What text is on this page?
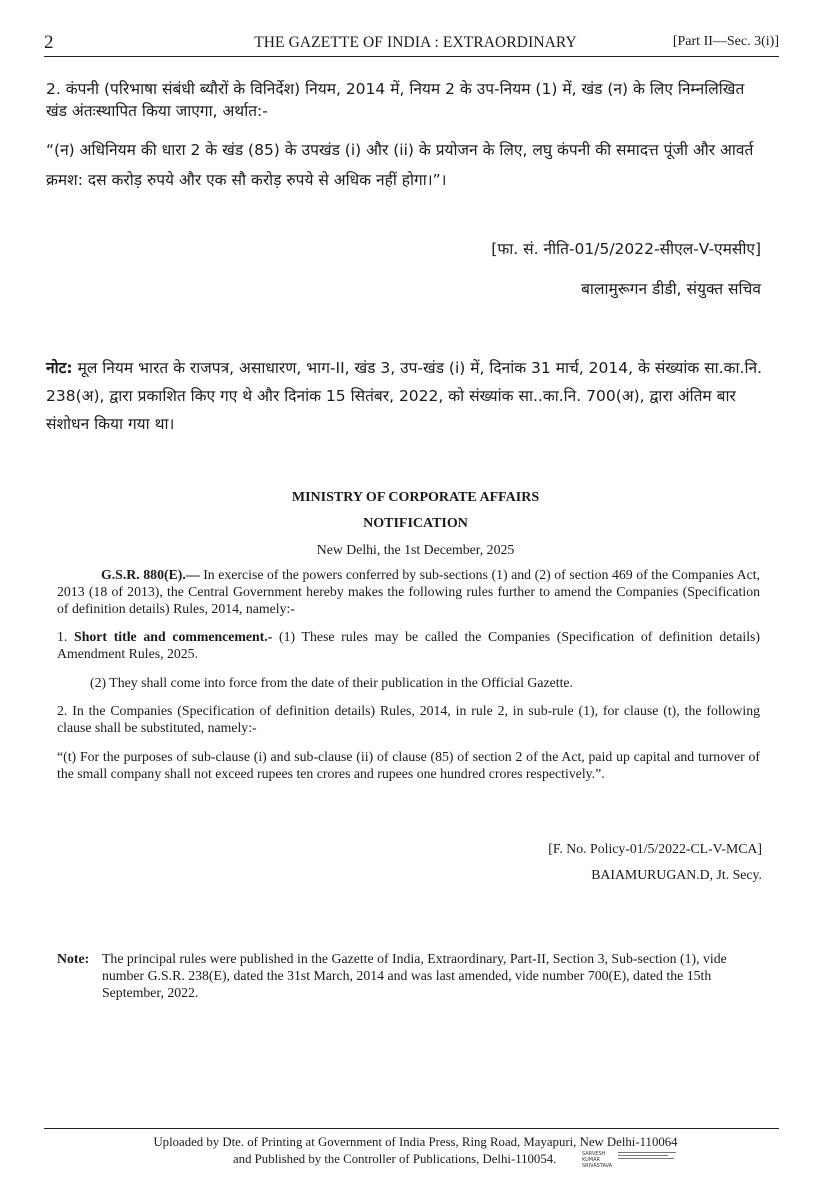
2	THE GAZETTE OF INDIA : EXTRAORDINARY	[Part II—Sec. 3(i)]
2. कंपनी (परिभाषा संबंधी ब्यौरों के विनिर्देश) नियम, 2014 में, नियम 2 के उप-नियम (1) में, खंड (न) के लिए निम्नलिखित खंड अंतःस्थापित किया जाएगा, अर्थात:-
“(न) अधिनियम की धारा 2 के खंड (85) के उपखंड (i) और (ii) के प्रयोजन के लिए, लघु कंपनी की समादत्त पूंजी और आवर्त क्रमश: दस करोड़ रुपये और एक सौ करोड़ रुपये से अधिक नहीं होगा।”।
[फा. सं. नीति-01/5/2022-सीएल-V-एमसीए]
बालामुरूगन डीडी, संयुक्त सचिव
नोट: मूल नियम भारत के राजपत्र, असाधारण, भाग-II, खंड 3, उप-खंड (i) में, दिनांक 31 मार्च, 2014, के संख्यांक सा.का.नि. 238(अ), द्वारा प्रकाशित किए गए थे और दिनांक 15 सितंबर, 2022, को संख्यांक सा..का.नि. 700(अ), द्वारा अंतिम बार संशोधन किया गया था।
MINISTRY OF CORPORATE AFFAIRS
NOTIFICATION
New Delhi, the 1st December, 2025
G.S.R. 880(E).— In exercise of the powers conferred by sub-sections (1) and (2) of section 469 of the Companies Act, 2013 (18 of 2013), the Central Government hereby makes the following rules further to amend the Companies (Specification of definition details) Rules, 2014, namely:-
1. Short title and commencement.- (1) These rules may be called the Companies (Specification of definition details) Amendment Rules, 2025.
(2) They shall come into force from the date of their publication in the Official Gazette.
2. In the Companies (Specification of definition details) Rules, 2014, in rule 2, in sub-rule (1), for clause (t), the following clause shall be substituted, namely:-
“(t) For the purposes of sub-clause (i) and sub-clause (ii) of clause (85) of section 2 of the Act, paid up capital and turnover of the small company shall not exceed rupees ten crores and rupees one hundred crores respectively.”.
[F. No. Policy-01/5/2022-CL-V-MCA]
BAIAMURUGAN.D, Jt. Secy.
Note: The principal rules were published in the Gazette of India, Extraordinary, Part-II, Section 3, Sub-section (1), vide number G.S.R. 238(E), dated the 31st March, 2014 and was last amended, vide number 700(E), dated the 15th September, 2022.
Uploaded by Dte. of Printing at Government of India Press, Ring Road, Mayapuri, New Delhi-110064
and Published by the Controller of Publications, Delhi-110054.	SARVESH KUMAR SRIVASTAVA
